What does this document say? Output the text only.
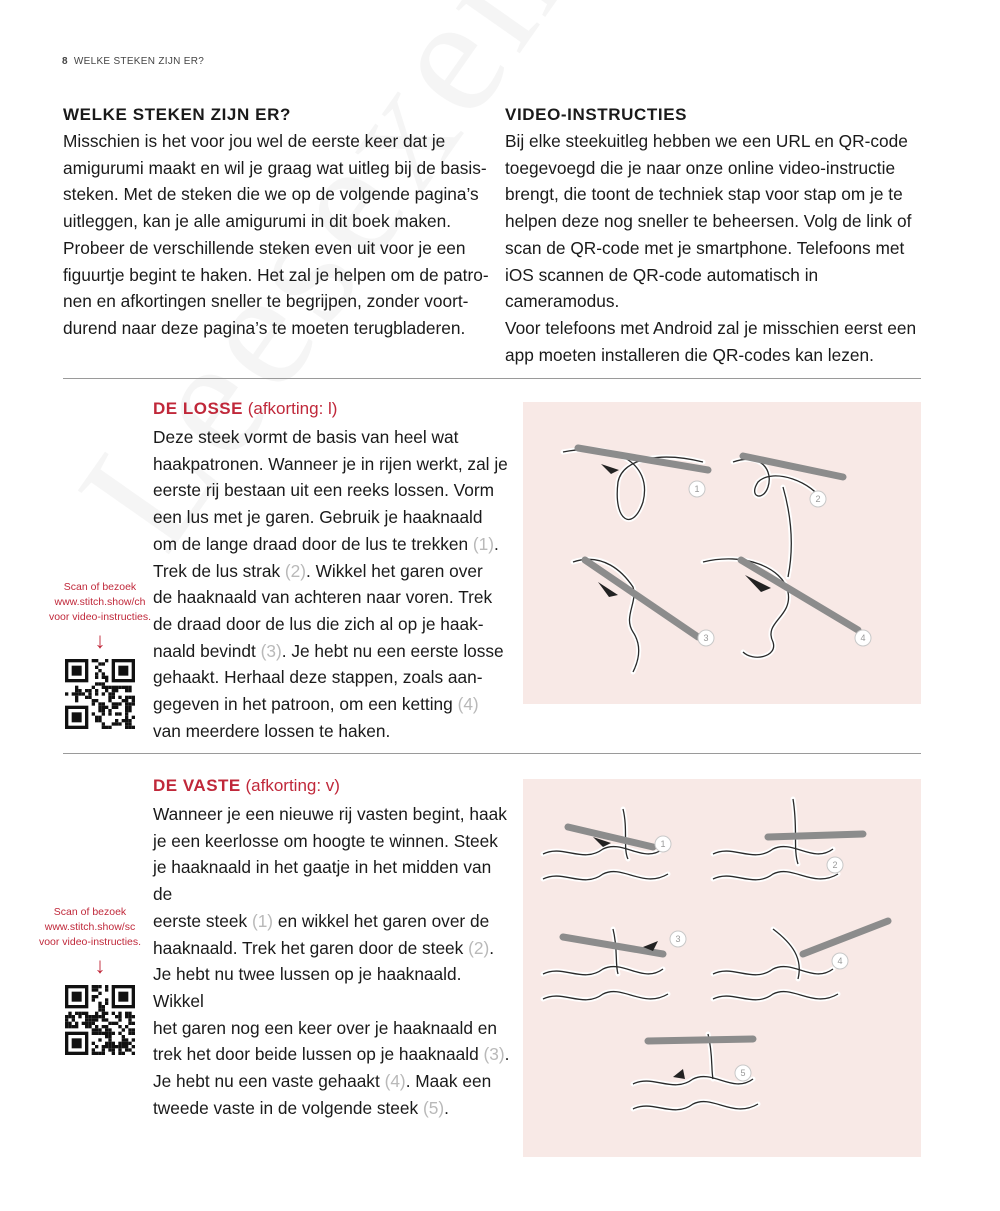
8 WELKE STEKEN ZIJN ER?
WELKE STEKEN ZIJN ER?
Misschien is het voor jou wel de eerste keer dat je
amigurumi maakt en wil je graag wat uitleg bij de basis-
steken. Met de steken die we op de volgende pagina’s
uitleggen, kan je alle amigurumi in dit boek maken.
Probeer de verschillende steken even uit voor je een
figuurtje begint te haken. Het zal je helpen om de patro-
nen en afkortingen sneller te begrijpen, zonder voort-
durend naar deze pagina’s te moeten terugbladeren.
VIDEO-INSTRUCTIES
Bij elke steekuitleg hebben we een URL en QR-code
toegevoegd die je naar onze online video-instructie
brengt, die toont de techniek stap voor stap om je te
helpen deze nog sneller te beheersen. Volg de link of
scan de QR-code met je smartphone. Telefoons met
iOS scannen de QR-code automatisch in cameramodus.
Voor telefoons met Android zal je misschien eerst een
app moeten installeren die QR-codes kan lezen.
DE LOSSE (afkorting: l)
Deze steek vormt de basis van heel wat
haakpatronen. Wanneer je in rijen werkt, zal je
eerste rij bestaan uit een reeks lossen. Vorm
een lus met je garen. Gebruik je haaknaald
om de lange draad door de lus te trekken (1).
Trek de lus strak (2). Wikkel het garen over
de haaknaald van achteren naar voren. Trek
de draad door de lus die zich al op je haak-
naald bevindt (3). Je hebt nu een eerste losse
gehaakt. Herhaal deze stappen, zoals aan-
gegeven in het patroon, om een ketting (4)
van meerdere lossen te haken.
Scan of bezoek
www.stitch.show/ch
voor video-instructies.
↓
1
2
3	4
DE VASTE (afkorting: v)
Wanneer je een nieuwe rij vasten begint, haak
je een keerlosse om hoogte te winnen. Steek
je haaknaald in het gaatje in het midden van de
eerste steek (1) en wikkel het garen over de
haaknaald. Trek het garen door de steek (2).
Je hebt nu twee lussen op je haaknaald. Wikkel
het garen nog een keer over je haaknaald en
trek het door beide lussen op je haaknaald (3).
Je hebt nu een vaste gehaakt (4). Maak een
tweede vaste in de volgende steek (5).
Scan of bezoek
www.stitch.show/sc
voor video-instructies.
↓
1
2
3
4
5
